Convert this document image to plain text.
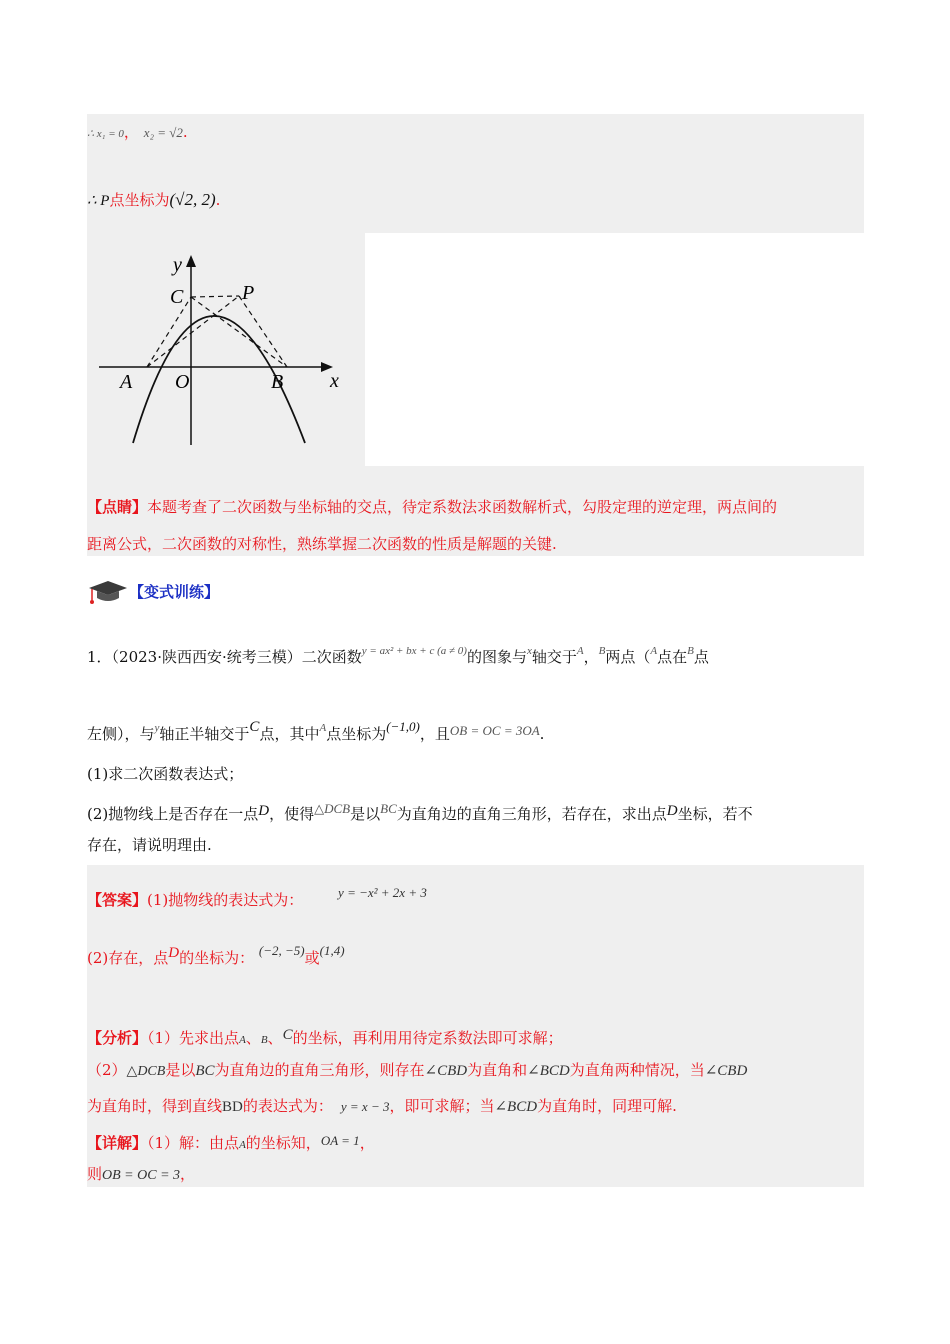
∴ x₁ = 0， x₂ = √2.
∴ P点坐标为(√2, 2).
y
x
C	P
A O	B
【点睛】本题考查了二次函数与坐标轴的交点，待定系数法求函数解析式，勾股定理的逆定理，两点间的
距离公式，二次函数的对称性，熟练掌握二次函数的性质是解题的关键.
【变式训练】
1．（2023·陕西西安·统考三模）二次函数$^{y = ax^2 + bx + c (a \ne 0)}$的图象与$^x$轴交于$^A$，$^B$两点（$^A$点在$^B$点
左侧），与$^y$轴正半轴交于C点，其中$^A$点坐标为(−1,0)，且OB = OC = 3OA.
(1)求二次函数表达式；
(2)抛物线上是否存在一点D，使得△DCB是以BC为直角边的直角三角形，若存在，求出点D坐标，若不
存在，请说明理由.
【答案】(1)抛物线的表达式为：	y = −x² + 2x + 3
(2)存在，点D的坐标为： (−2, −5)或(1,4)
【分析】（1）先求出点A、B、C的坐标，再利用用待定系数法即可求解；
（2）△DCB是以BC为直角边的直角三角形，则存在∠CBD为直角和∠BCD为直角两种情况，当∠CBD
为直角时，得到直线BD的表达式为： y = x − 3，即可求解；当∠BCD为直角时，同理可解.
【详解】（1）解：由点A的坐标知，OA = 1，
则OB = OC = 3，
